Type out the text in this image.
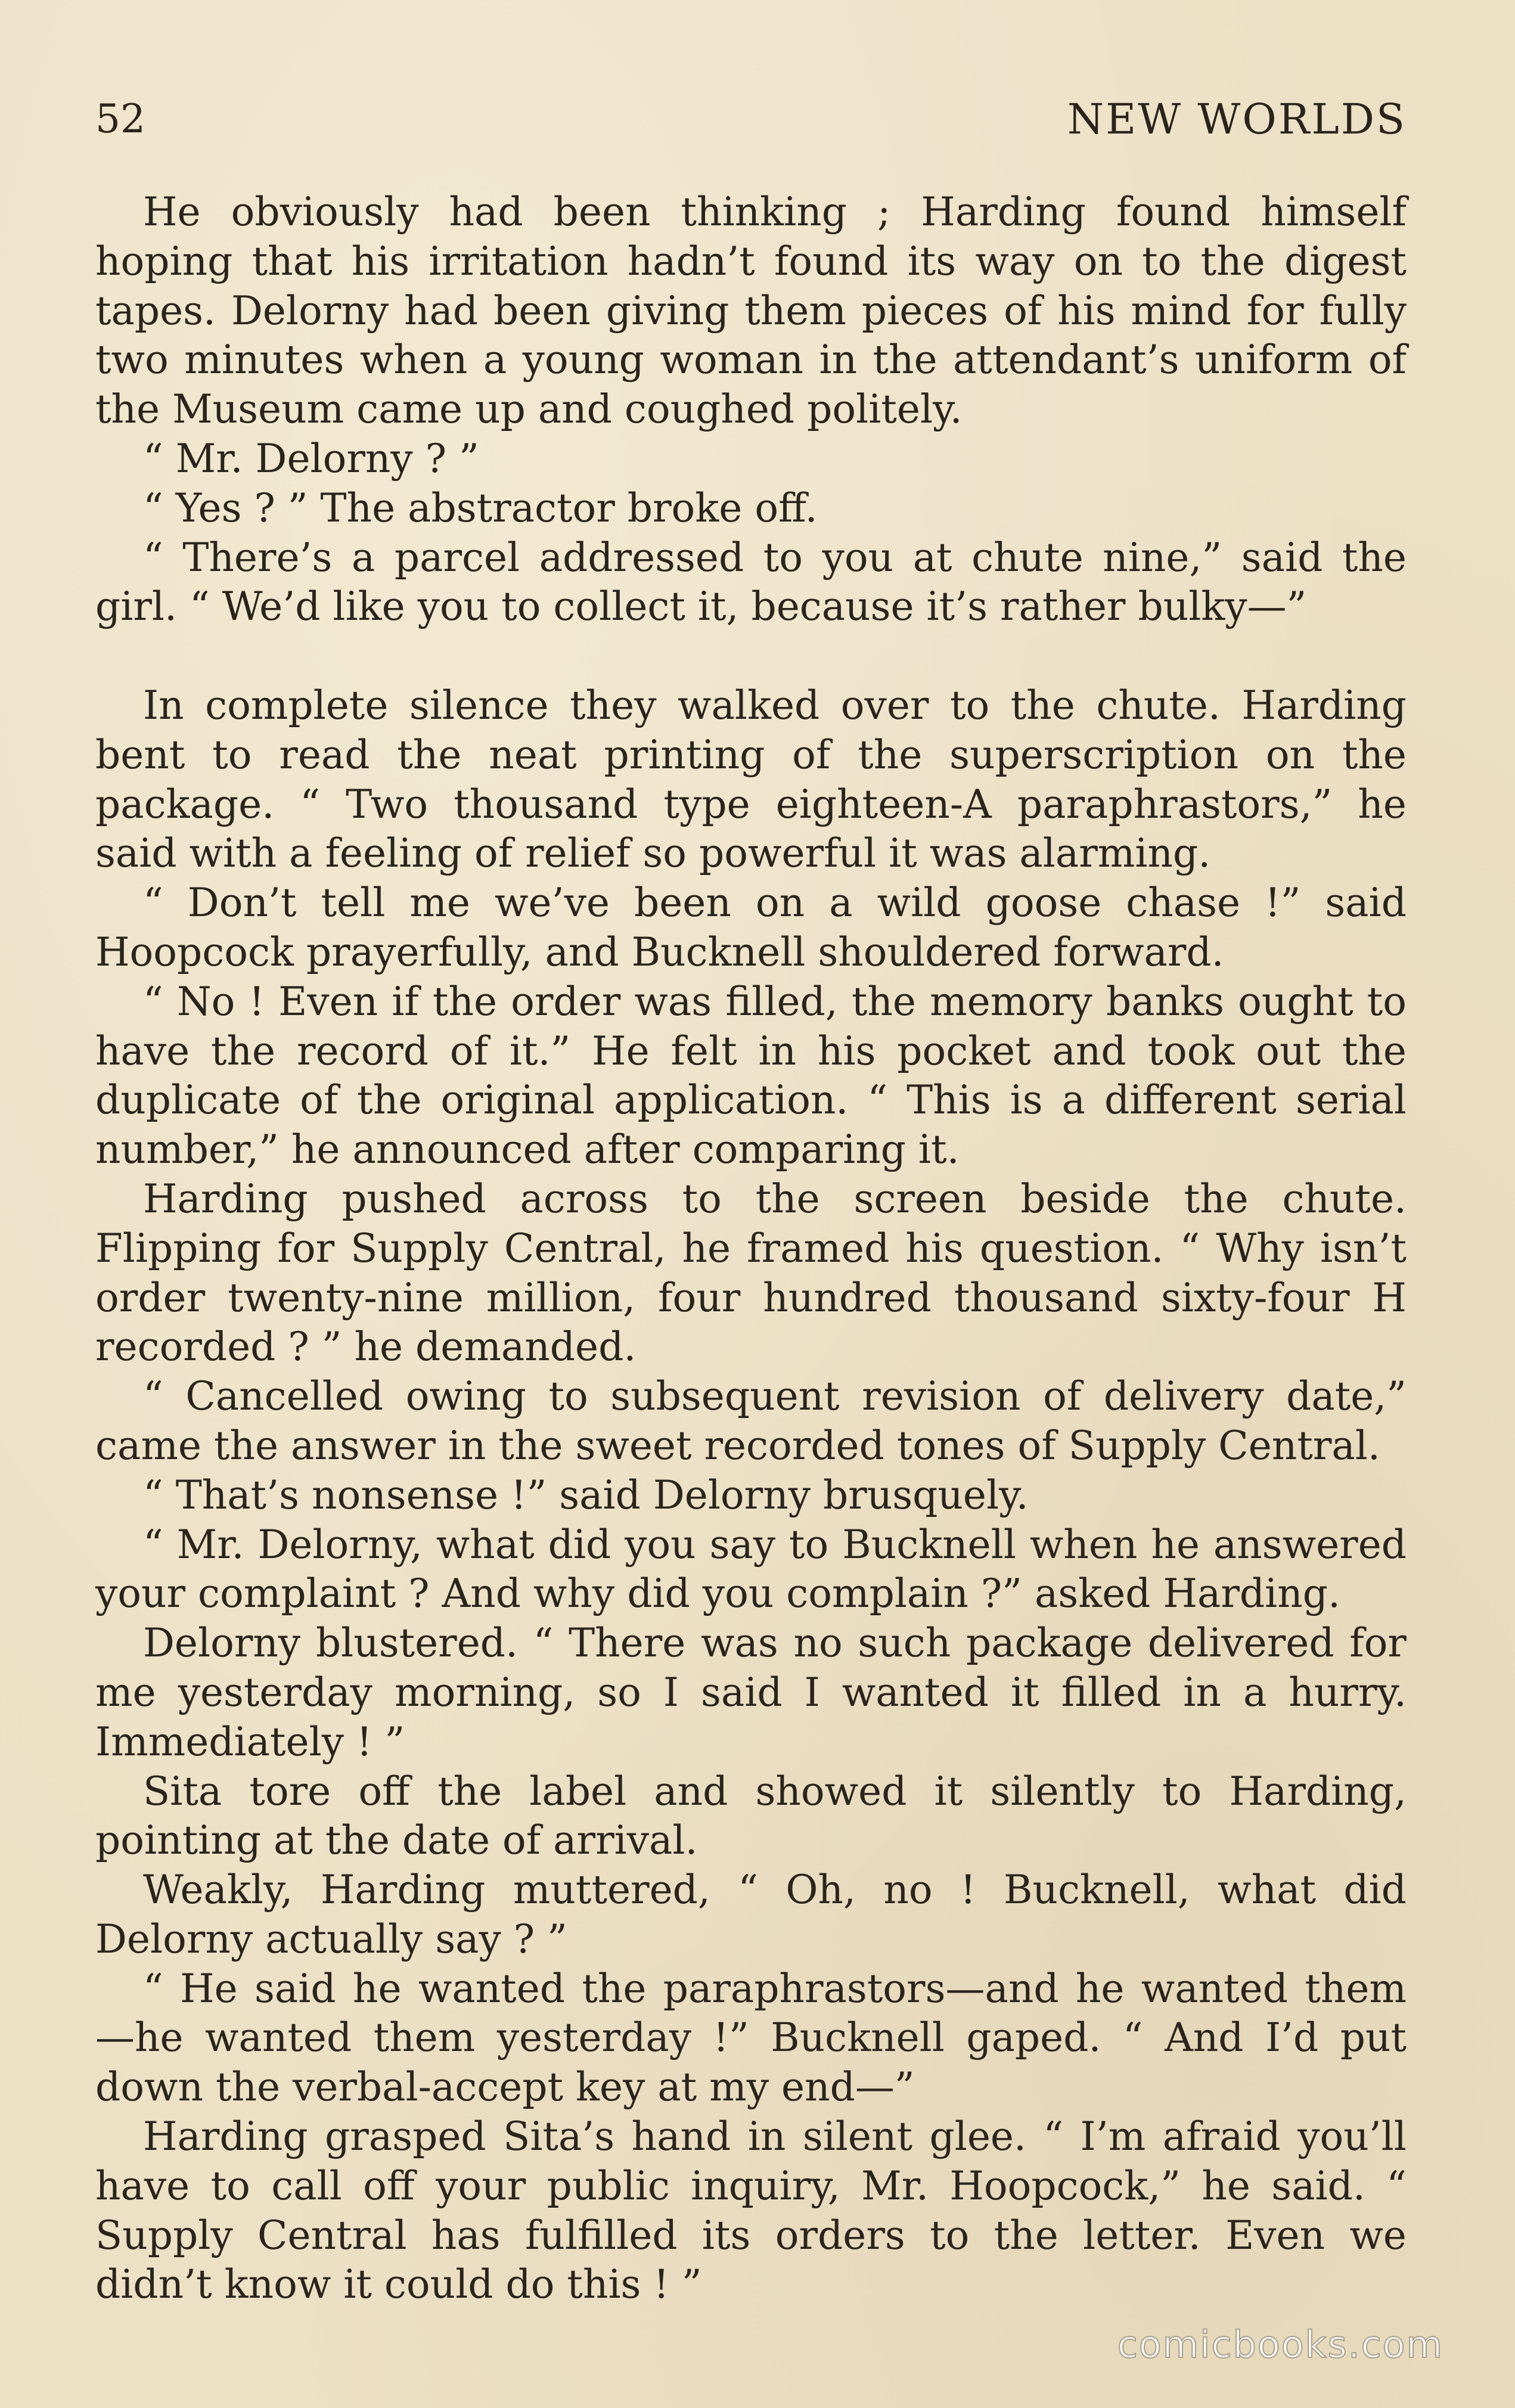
52	NEW WORLDS

He obviously had been thinking ; Harding found himself hoping that his irritation hadn’t found its way on to the digest tapes. Delorny had been giving them pieces of his mind for fully two minutes when a young woman in the attendant’s uniform of the Museum came up and coughed politely.

“ Mr. Delorny ? ”

“ Yes ? ” The abstractor broke off.

“ There’s a parcel addressed to you at chute nine,” said the girl. “ We’d like you to collect it, because it’s rather bulky—”

In complete silence they walked over to the chute. Harding bent to read the neat printing of the superscription on the package. “ Two thousand type eighteen-A paraphrastors,” he said with a feeling of relief so powerful it was alarming.

“ Don’t tell me we’ve been on a wild goose chase !” said Hoopcock prayerfully, and Bucknell shouldered forward.

“ No ! Even if the order was filled, the memory banks ought to have the record of it.” He felt in his pocket and took out the duplicate of the original application. “ This is a different serial number,” he announced after comparing it.

Harding pushed across to the screen beside the chute. Flipping for Supply Central, he framed his question. “ Why isn’t order twenty-nine million, four hundred thousand sixty-four H recorded ? ” he demanded.

“ Cancelled owing to subsequent revision of delivery date,” came the answer in the sweet recorded tones of Supply Central.

“ That’s nonsense !” said Delorny brusquely.

“ Mr. Delorny, what did you say to Bucknell when he answered your complaint ? And why did you complain ?” asked Harding.

Delorny blustered. “ There was no such package delivered for me yesterday morning, so I said I wanted it filled in a hurry. Immediately ! ”

Sita tore off the label and showed it silently to Harding, pointing at the date of arrival.

Weakly, Harding muttered, “ Oh, no ! Bucknell, what did Delorny actually say ? ”

“ He said he wanted the paraphrastors—and he wanted them —he wanted them yesterday !” Bucknell gaped. “ And I’d put down the verbal-accept key at my end—”

Harding grasped Sita’s hand in silent glee. “ I’m afraid you’ll have to call off your public inquiry, Mr. Hoopcock,” he said. “ Supply Central has fulfilled its orders to the letter. Even we didn’t know it could do this ! ”

comicbooks.com
